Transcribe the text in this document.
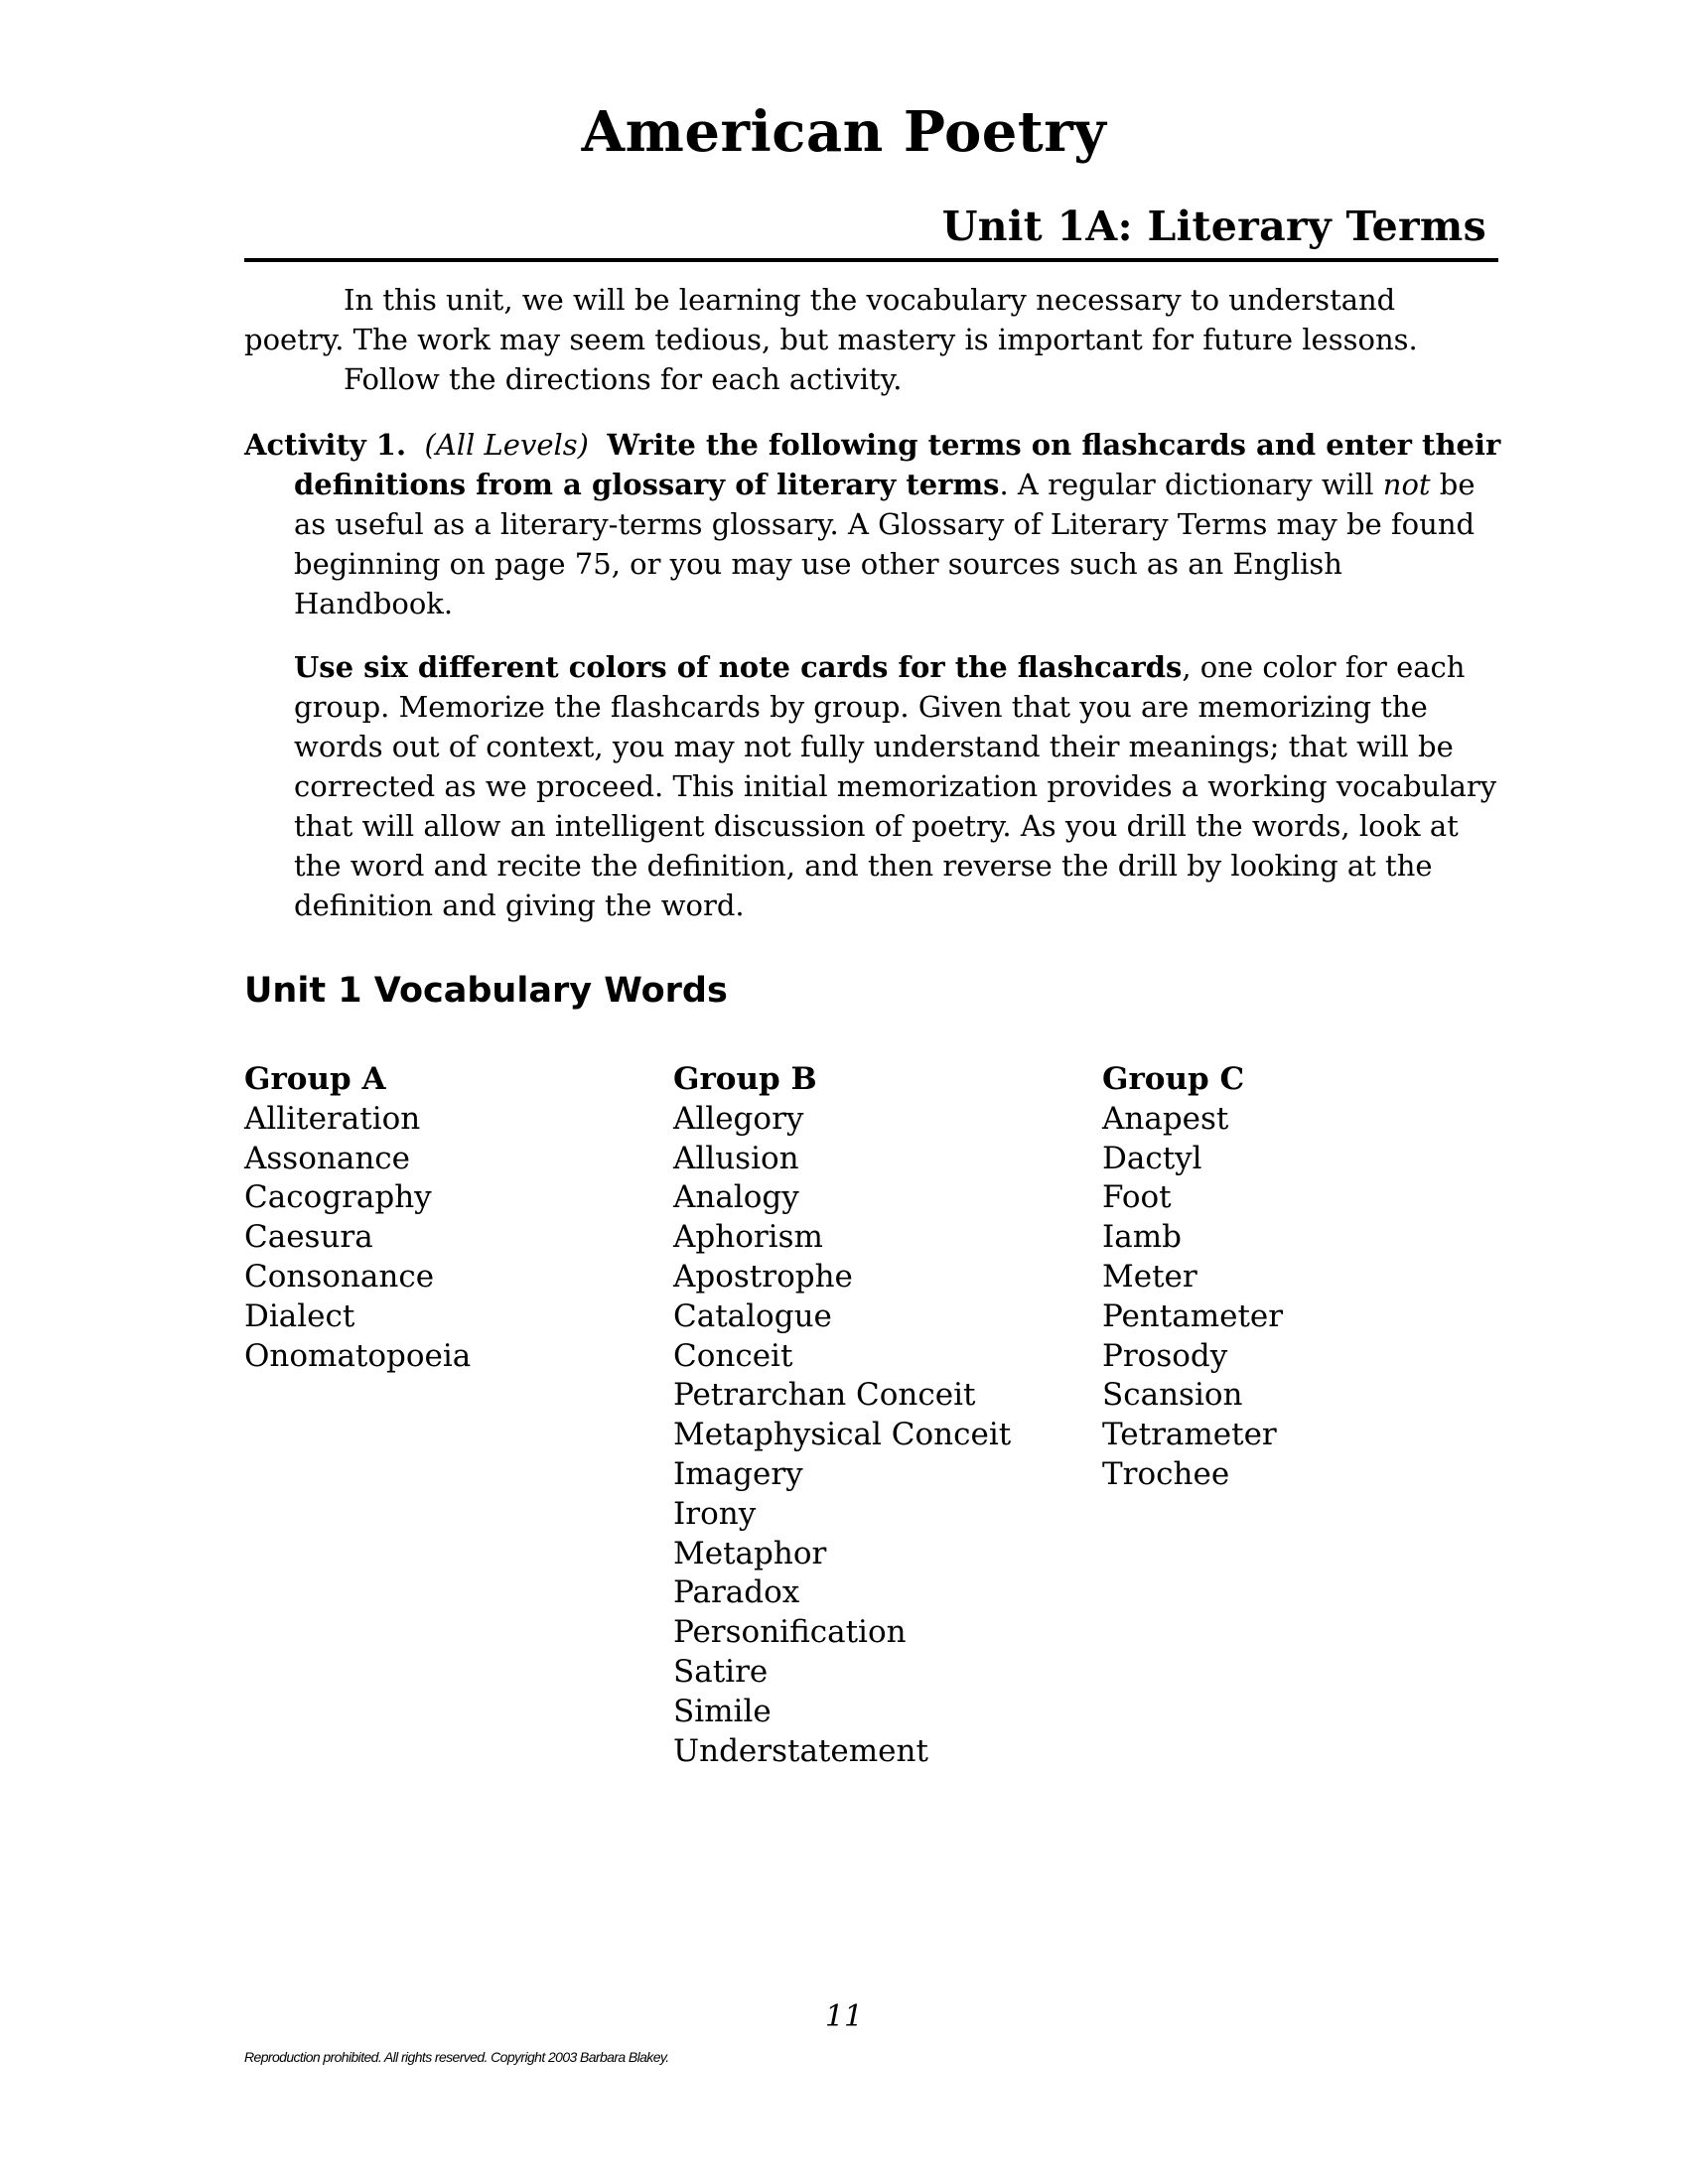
American Poetry
Unit 1A: Literary Terms
In this unit, we will be learning the vocabulary necessary to understand
poetry. The work may seem tedious, but mastery is important for future lessons.
Follow the directions for each activity.

Activity 1. (All Levels) Write the following terms on flashcards and enter their definitions from a glossary of literary terms. A regular dictionary will not be as useful as a literary-terms glossary. A Glossary of Literary Terms may be found beginning on page 75, or you may use other sources such as an English Handbook.

Use six different colors of note cards for the flashcards, one color for each group. Memorize the flashcards by group. Given that you are memorizing the words out of context, you may not fully understand their meanings; that will be corrected as we proceed. This initial memorization provides a working vocabulary that will allow an intelligent discussion of poetry. As you drill the words, look at the word and recite the definition, and then reverse the drill by looking at the definition and giving the word.

Unit 1 Vocabulary Words
Group A
Alliteration
Assonance
Cacography
Caesura
Consonance
Dialect
Onomatopoeia
Group B
Allegory
Allusion
Analogy
Aphorism
Apostrophe
Catalogue
Conceit
Petrarchan Conceit
Metaphysical Conceit
Imagery
Irony
Metaphor
Paradox
Personification
Satire
Simile
Understatement
Group C
Anapest
Dactyl
Foot
Iamb
Meter
Pentameter
Prosody
Scansion
Tetrameter
Trochee
11
Reproduction prohibited. All rights reserved. Copyright 2003 Barbara Blakey.
